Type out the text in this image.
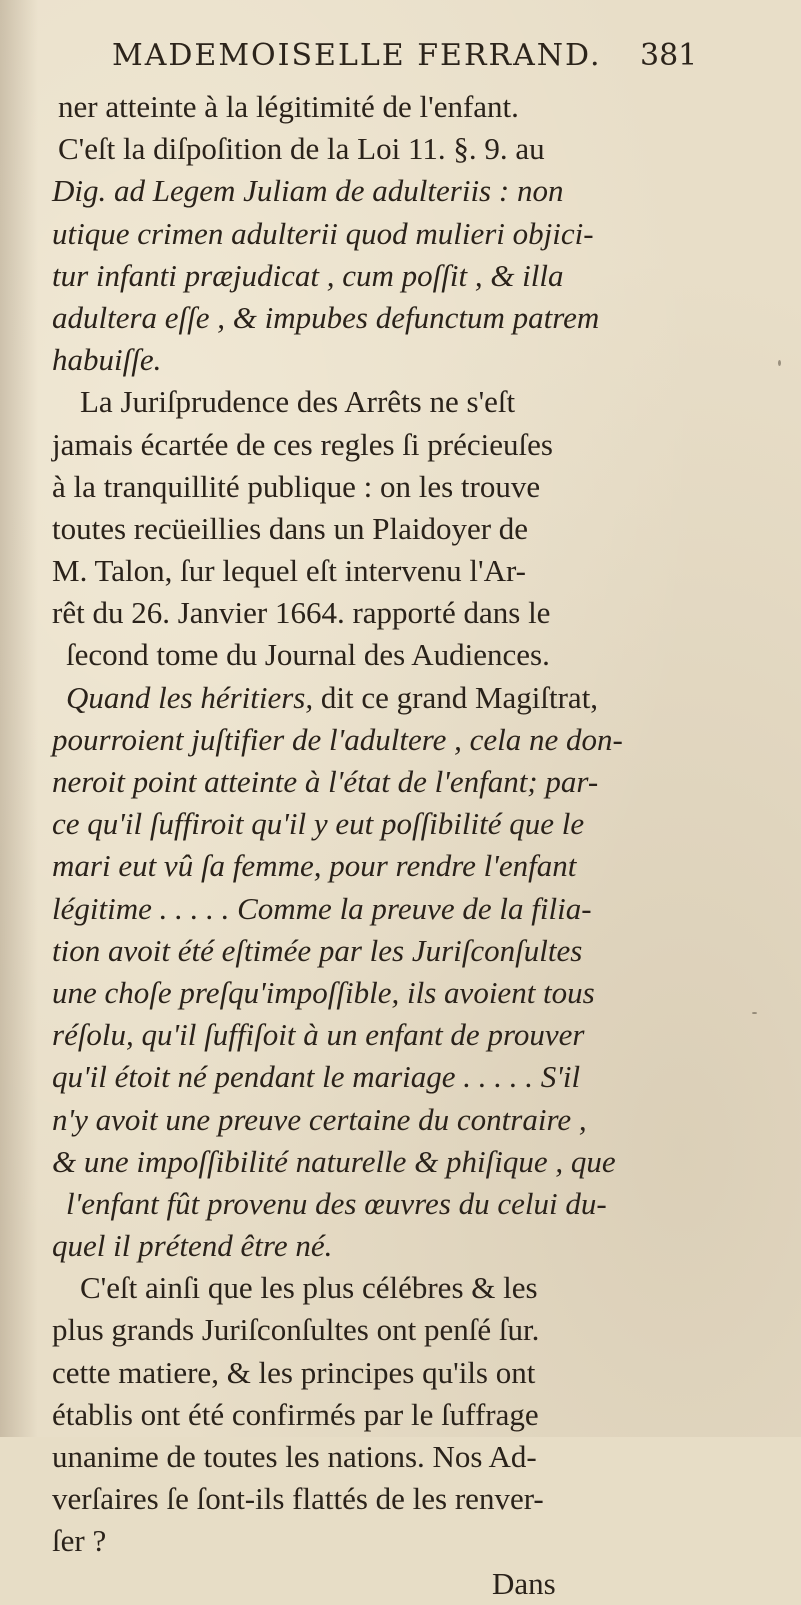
MADEMOISELLE FERRAND. 381
ner atteinte à la légitimité de l'enfant.
C'eſt la diſpoſition de la Loi 11. §. 9. au
Dig. ad Legem Juliam de adulteriis : non
utique crimen adulterii quod mulieri objici-
tur infanti præjudicat , cum poſſit , & illa
adultera eſſe , & impubes defunctum patrem
habuiſſe.
La Juriſprudence des Arrêts ne s'eſt
jamais écartée de ces regles ſi précieuſes
à la tranquillité publique : on les trouve
toutes recüeillies dans un Plaidoyer de
M. Talon, ſur lequel eſt intervenu l'Ar-
rêt du 26. Janvier 1664. rapporté dans le
ſecond tome du Journal des Audiences.
Quand les héritiers, dit ce grand Magiſtrat,
pourroient juſtifier de l'adultere , cela ne don-
neroit point atteinte à l'état de l'enfant; par-
ce qu'il ſuffiroit qu'il y eut poſſibilité que le
mari eut vû ſa femme, pour rendre l'enfant
légitime . . . . . Comme la preuve de la filia-
tion avoit été eſtimée par les Juriſconſultes
une choſe preſqu'impoſſible, ils avoient tous
réſolu, qu'il ſuffiſoit à un enfant de prouver
qu'il étoit né pendant le mariage . . . . . S'il
n'y avoit une preuve certaine du contraire ,
& une impoſſibilité naturelle & phiſique , que
l'enfant fût provenu des œuvres du celui du-
quel il prétend être né.
C'eſt ainſi que les plus célébres & les
plus grands Juriſconſultes ont penſé ſur.
cette matiere, & les principes qu'ils ont
établis ont été confirmés par le ſuffrage
unanime de toutes les nations. Nos Ad-
verſaires ſe ſont-ils flattés de les renver-
ſer ?
Dans
